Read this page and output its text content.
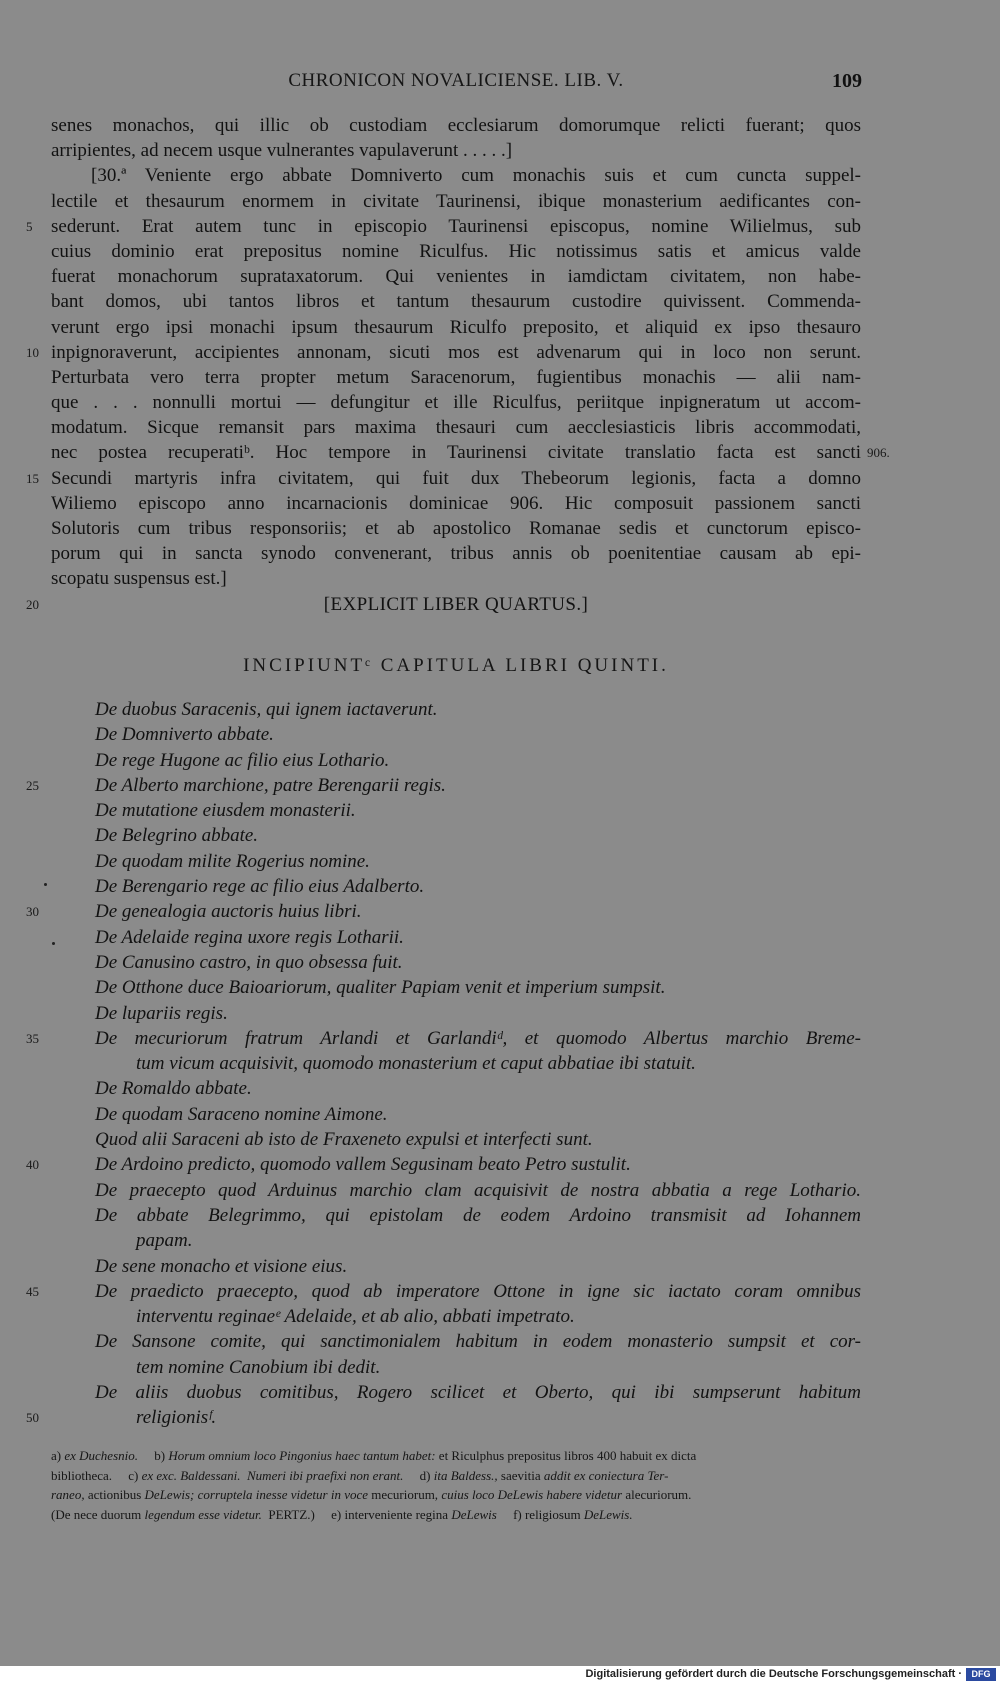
CHRONICON NOVALICIENSE. LIB. V.	109
senes monachos, qui illic ob custodiam ecclesiarum domorumque relicti fuerant; quos
arripientes, ad necem usque vulnerantes vapulaverunt . . . . .]
[30.ª Veniente ergo abbate Domniverto cum monachis suis et cum cuncta suppel-
lectile et thesaurum enormem in civitate Taurinensi, ibique monasterium aedificantes con-
sederunt. Erat autem tunc in episcopio Taurinensi episcopus, nomine Wilielmus, sub
5
cuius dominio erat prepositus nomine Riculfus. Hic notissimus satis et amicus valde
fuerat monachorum suprataxatorum. Qui venientes in iamdictam civitatem, non habe-
bant domos, ubi tantos libros et tantum thesaurum custodire quivissent. Commenda-
verunt ergo ipsi monachi ipsum thesaurum Riculfo preposito, et aliquid ex ipso thesauro
inpignoraverunt, accipientes annonam, sicuti mos est advenarum qui in loco non serunt.
10
Perturbata vero terra propter metum Saracenorum, fugientibus monachis — alii nam-
que . . . nonnulli mortui — defungitur et ille Riculfus, periitque inpigneratum ut accom-
modatum. Sicque remansit pars maxima thesauri cum aecclesiasticis libris accommodati,
nec postea recuperatiᵇ. Hoc tempore in Taurinensi civitate translatio facta est sancti 906.
Secundi martyris infra civitatem, qui fuit dux Thebeorum legionis, facta a domno
15
Wiliemo episcopo anno incarnacionis dominicae 906. Hic composuit passionem sancti
Solutoris cum tribus responsoriis; et ab apostolico Romanae sedis et cunctorum episco-
porum qui in sancta synodo convenerant, tribus annis ob poenitentiae causam ab epi-
scopatu suspensus est.]
[EXPLICIT LIBER QUARTUS.]
20
INCIPIUNTᶜ CAPITULA LIBRI QUINTI.
De duobus Saracenis, qui ignem iactaverunt.
De Domniverto abbate.
De rege Hugone ac filio eius Lothario.
De Alberto marchione, patre Berengarii regis.
25
De mutatione eiusdem monasterii.
De Belegrino abbate.
De quodam milite Rogerius nomine.
De Berengario rege ac filio eius Adalberto.
De genealogia auctoris huius libri.
30
De Adelaide regina uxore regis Lotharii.
De Canusino castro, in quo obsessa fuit.
De Otthone duce Baioariorum, qualiter Papiam venit et imperium sumpsit.
De lupariis regis.
De mecuriorum fratrum Arlandi et Garlandiᵈ, et quomodo Albertus marchio Breme-
35
tum vicum acquisivit, quomodo monasterium et caput abbatiae ibi statuit.
De Romaldo abbate.
De quodam Saraceno nomine Aimone.
Quod alii Saraceni ab isto de Fraxeneto expulsi et interfecti sunt.
De Ardoino predicto, quomodo vallem Segusinam beato Petro sustulit.
40
De praecepto quod Arduinus marchio clam acquisivit de nostra abbatia a rege Lothario.
De abbate Belegrimmo, qui epistolam de eodem Ardoino transmisit ad Iohannem
papam.
De sene monacho et visione eius.
De praedicto praecepto, quod ab imperatore Ottone in igne sic iactato coram omnibus
45
interventu reginaeᵉ Adelaide, et ab alio, abbati impetrato.
De Sansone comite, qui sanctimonialem habitum in eodem monasterio sumpsit et cor-
tem nomine Canobium ibi dedit.
De aliis duobus comitibus, Rogero scilicet et Oberto, qui ibi sumpserunt habitum
religionisᶠ.
50
a) ex Duchesnio.     b) Horum omnium loco Pingonius haec tantum habet: et Riculphus prepositus libros 400 habuit ex dicta
bibliotheca.     c) ex exc. Baldessani.  Numeri ibi praefixi non erant.     d) ita Baldess., saevitia addit ex coniectura Ter-
raneo, actionibus DeLewis; corruptela inesse videtur in voce mecuriorum, cuius loco DeLewis habere videtur alecuriorum.
(De nece duorum legendum esse videtur.  PERTZ.)     e) interveniente regina DeLewis     f) religiosum DeLewis.
Digitalisierung gefördert durch die Deutsche Forschungsgemeinschaft ·	DFG
